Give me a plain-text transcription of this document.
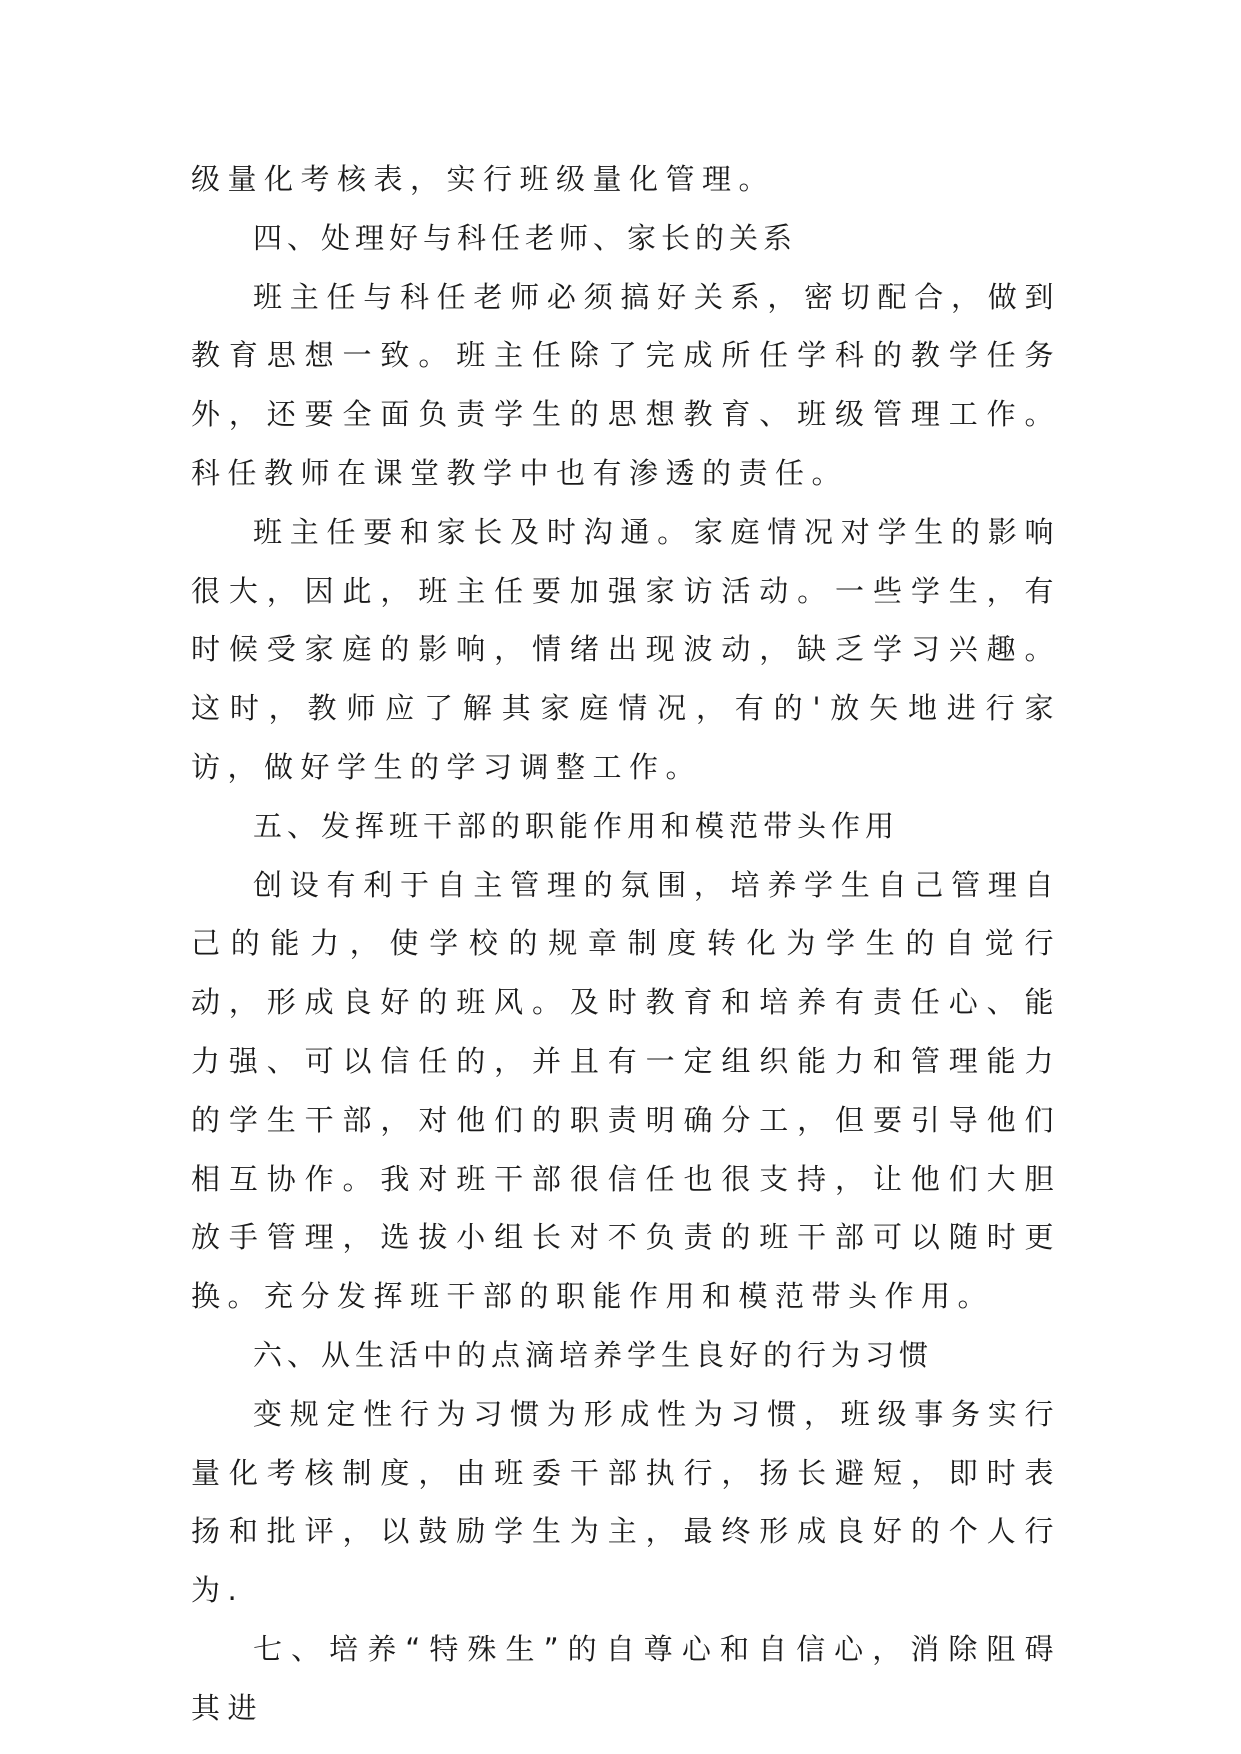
级量化考核表，实行班级量化管理。

四、处理好与科任老师、家长的关系

班主任与科任老师必须搞好关系，密切配合，做到教育思想一致。班主任除了完成所任学科的教学任务外，还要全面负责学生的思想教育、班级管理工作。科任教师在课堂教学中也有渗透的责任。

班主任要和家长及时沟通。家庭情况对学生的影响很大，因此，班主任要加强家访活动。一些学生，有时候受家庭的影响，情绪出现波动，缺乏学习兴趣。这时，教师应了解其家庭情况，有的'放矢地进行家访，做好学生的学习调整工作。

五、发挥班干部的职能作用和模范带头作用

创设有利于自主管理的氛围，培养学生自己管理自己的能力，使学校的规章制度转化为学生的自觉行动，形成良好的班风。及时教育和培养有责任心、能力强、可以信任的，并且有一定组织能力和管理能力的学生干部，对他们的职责明确分工，但要引导他们相互协作。我对班干部很信任也很支持，让他们大胆放手管理，选拔小组长对不负责的班干部可以随时更换。充分发挥班干部的职能作用和模范带头作用。

六、从生活中的点滴培养学生良好的行为习惯

变规定性行为习惯为形成性为习惯，班级事务实行量化考核制度，由班委干部执行，扬长避短，即时表扬和批评，以鼓励学生为主，最终形成良好的个人行为.

七、培养“特殊生”的自尊心和自信心，消除阻碍其进
